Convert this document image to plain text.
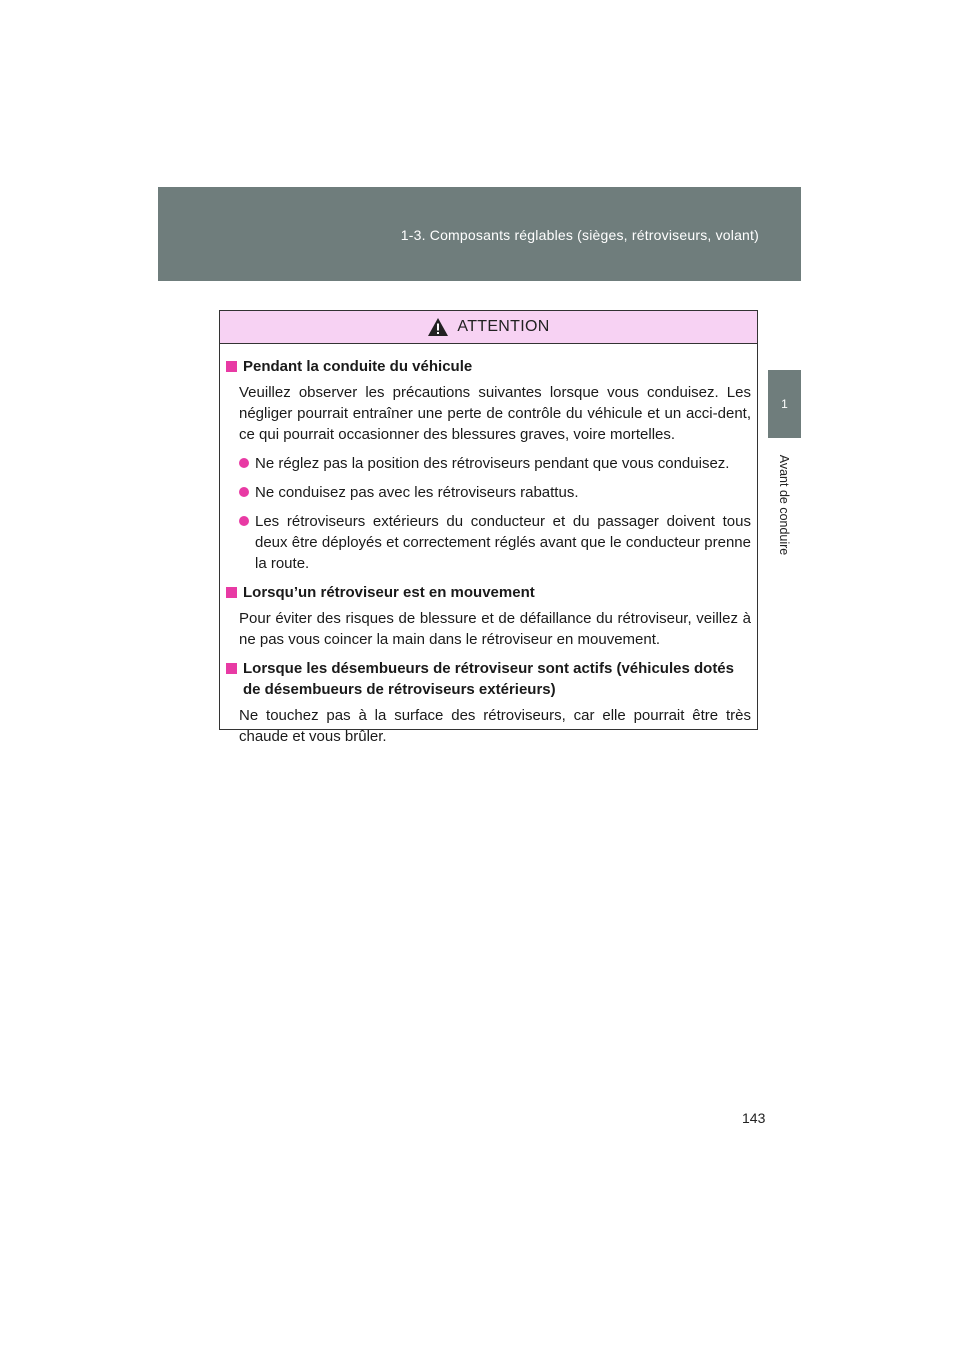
1-3. Composants réglables (sièges, rétroviseurs, volant)
1
Avant de conduire
ATTENTION
Pendant la conduite du véhicule
Veuillez observer les précautions suivantes lorsque vous conduisez. Les négliger pourrait entraîner une perte de contrôle du véhicule et un acci-dent, ce qui pourrait occasionner des blessures graves, voire mortelles.
Ne réglez pas la position des rétroviseurs pendant que vous conduisez.
Ne conduisez pas avec les rétroviseurs rabattus.
Les rétroviseurs extérieurs du conducteur et du passager doivent tous deux être déployés et correctement réglés avant que le conducteur prenne la route.
Lorsqu’un rétroviseur est en mouvement
Pour éviter des risques de blessure et de défaillance du rétroviseur, veillez à ne pas vous coincer la main dans le rétroviseur en mouvement.
Lorsque les désembueurs de rétroviseur sont actifs (véhicules dotés de désembueurs de rétroviseurs extérieurs)
Ne touchez pas à la surface des rétroviseurs, car elle pourrait être très chaude et vous brûler.
143
